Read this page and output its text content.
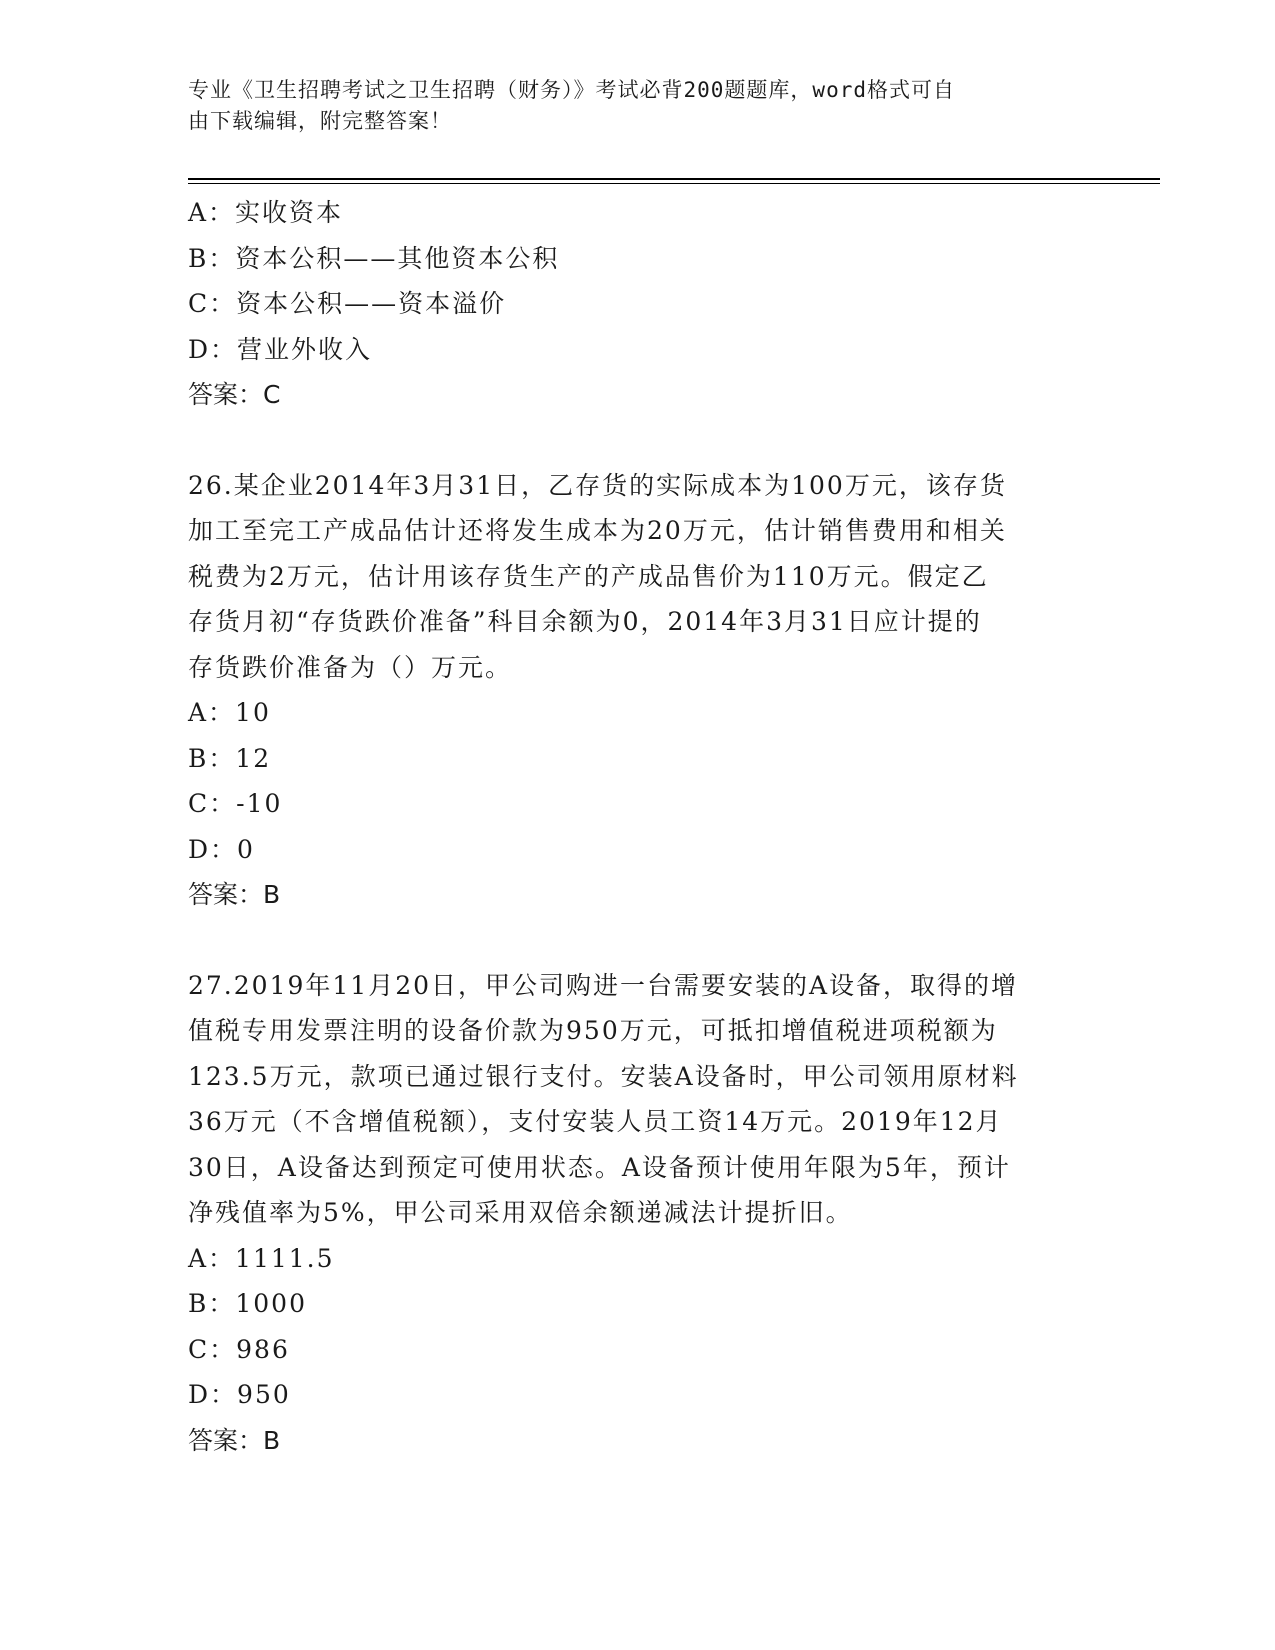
专业《卫生招聘考试之卫生招聘（财务）》考试必背200题题库，word格式可自
由下载编辑，附完整答案！
A：实收资本
B：资本公积——其他资本公积
C：资本公积——资本溢价
D：营业外收入
答案：C
26.某企业2014年3月31日，乙存货的实际成本为100万元，该存货
加工至完工产成品估计还将发生成本为20万元，估计销售费用和相关
税费为2万元，估计用该存货生产的产成品售价为110万元。假定乙
存货月初“存货跌价准备”科目余额为0，2014年3月31日应计提的
存货跌价准备为（）万元。
A：10
B：12
C：-10
D：0
答案：B
27.2019年11月20日，甲公司购进一台需要安装的A设备，取得的增
值税专用发票注明的设备价款为950万元，可抵扣增值税进项税额为
123.5万元，款项已通过银行支付。安装A设备时，甲公司领用原材料
36万元（不含增值税额），支付安装人员工资14万元。2019年12月
30日，A设备达到预定可使用状态。A设备预计使用年限为5年，预计
净残值率为5%，甲公司采用双倍余额递减法计提折旧。
A：1111.5
B：1000
C：986
D：950
答案：B
